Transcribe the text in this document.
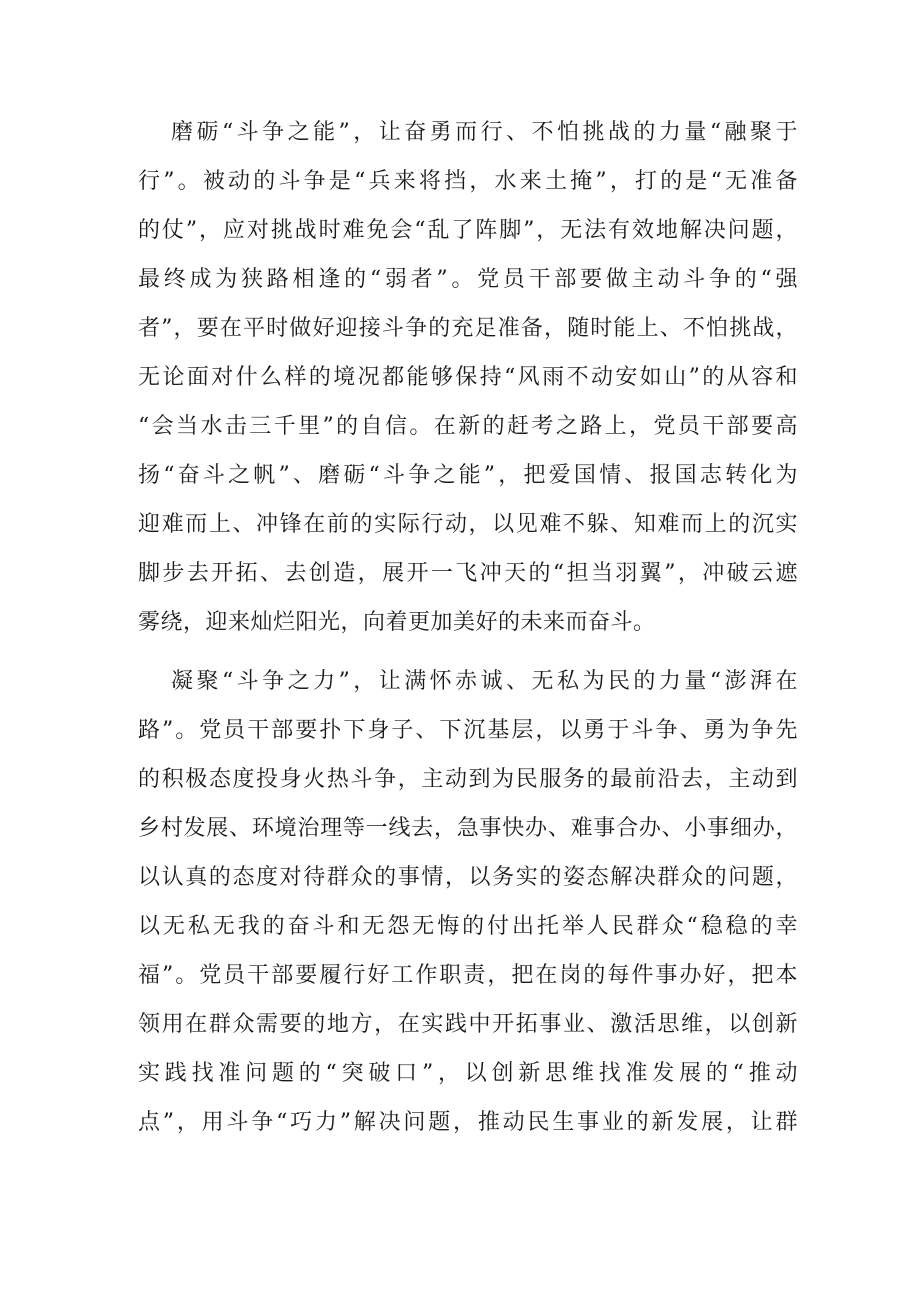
磨砺“斗争之能”，让奋勇而行、不怕挑战的力量“融聚于
行”。被动的斗争是“兵来将挡，水来土掩”，打的是“无准备
的仗”，应对挑战时难免会“乱了阵脚”，无法有效地解决问题，
最终成为狭路相逢的“弱者”。党员干部要做主动斗争的“强
者”，要在平时做好迎接斗争的充足准备，随时能上、不怕挑战，
无论面对什么样的境况都能够保持“风雨不动安如山”的从容和
“会当水击三千里”的自信。在新的赶考之路上，党员干部要高
扬“奋斗之帆”、磨砺“斗争之能”，把爱国情、报国志转化为
迎难而上、冲锋在前的实际行动，以见难不躲、知难而上的沉实
脚步去开拓、去创造，展开一飞冲天的“担当羽翼”，冲破云遮
雾绕，迎来灿烂阳光，向着更加美好的未来而奋斗。
凝聚“斗争之力”，让满怀赤诚、无私为民的力量“澎湃在
路”。党员干部要扑下身子、下沉基层，以勇于斗争、勇为争先
的积极态度投身火热斗争，主动到为民服务的最前沿去，主动到
乡村发展、环境治理等一线去，急事快办、难事合办、小事细办，
以认真的态度对待群众的事情，以务实的姿态解决群众的问题，
以无私无我的奋斗和无怨无悔的付出托举人民群众“稳稳的幸
福”。党员干部要履行好工作职责，把在岗的每件事办好，把本
领用在群众需要的地方，在实践中开拓事业、激活思维，以创新
实践找准问题的“突破口”，以创新思维找准发展的“推动
点”，用斗争“巧力”解决问题，推动民生事业的新发展，让群
